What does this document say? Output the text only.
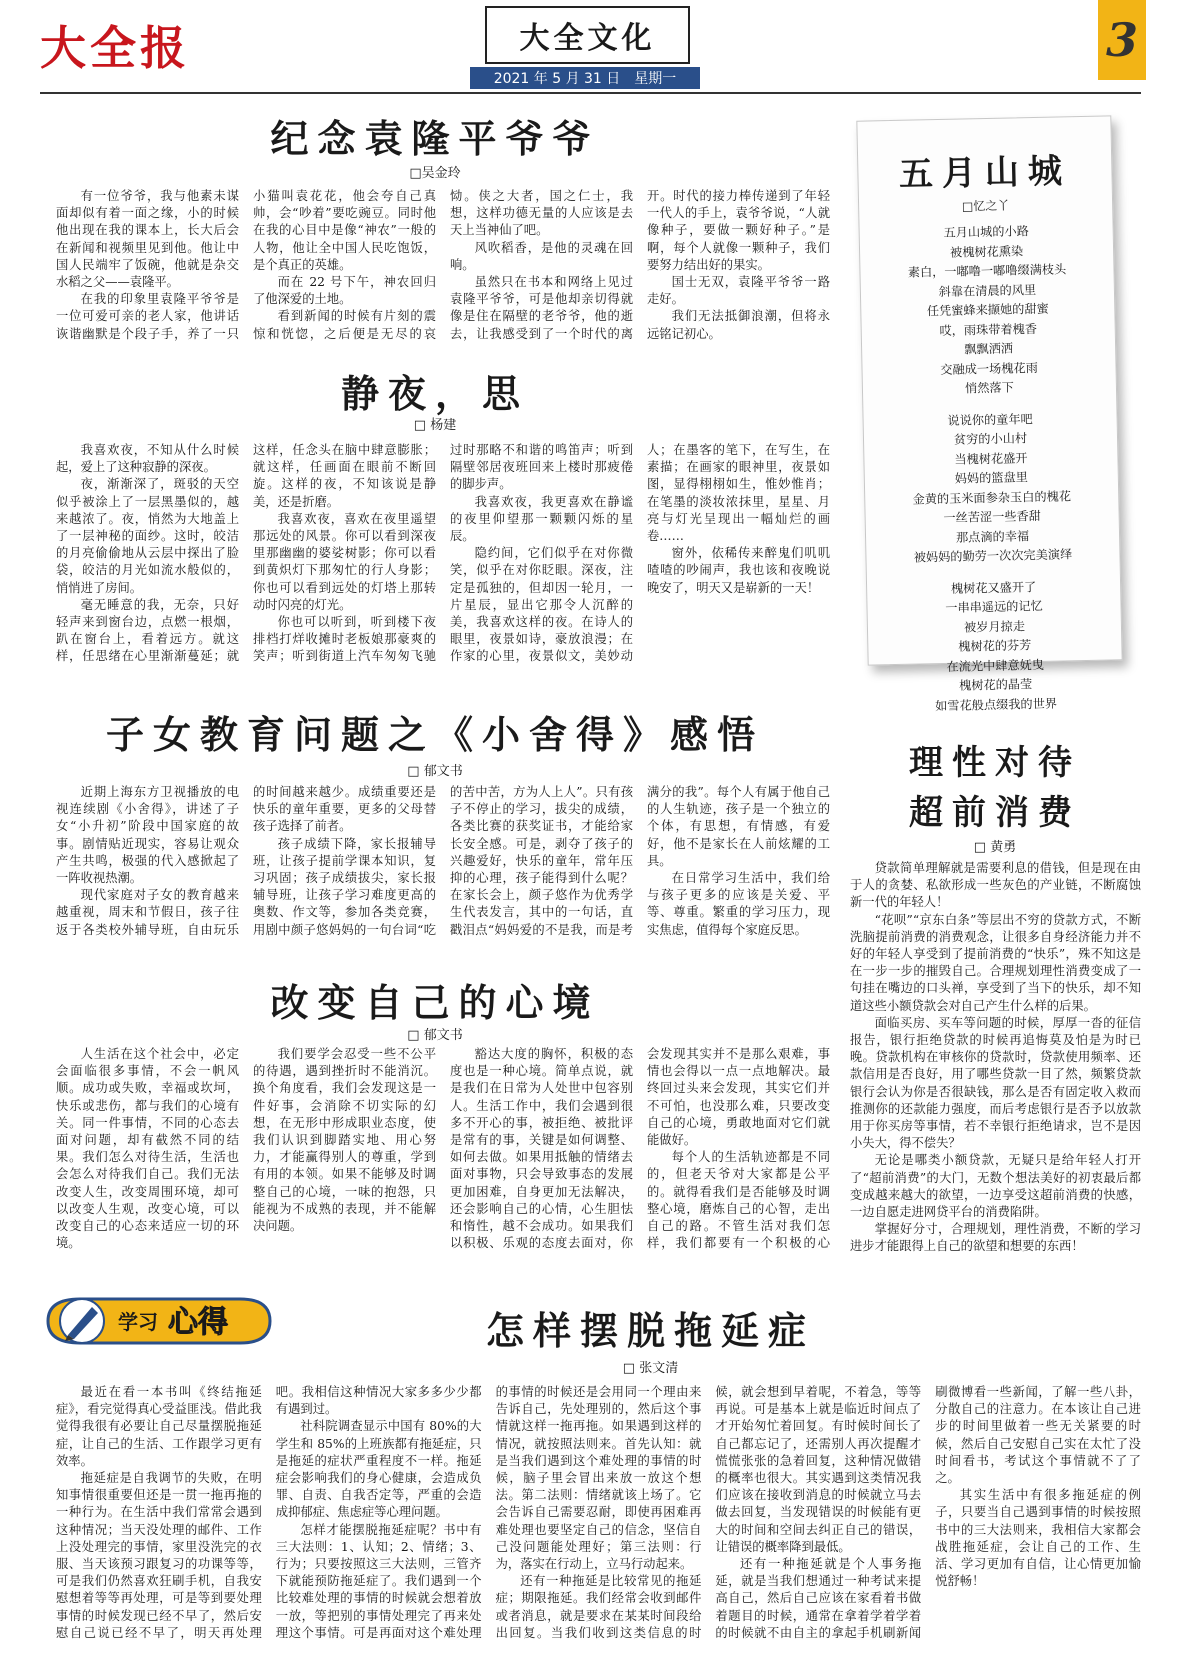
大全报	大全文化
2021 年 5 月 31 日　星期一
3
纪念袁隆平爷爷
□吴金玲

有一位爷爷，我与他素未谋面却似有着一面之缘，小的时候他出现在我的课本上，长大后会在新闻和视频里见到他。他让中国人民端牢了饭碗，他就是杂交水稻之父——袁隆平。

在我的印象里袁隆平爷爷是一位可爱可亲的老人家，他讲话诙谐幽默是个段子手，养了一只小猫叫袁花花，他会夸自己真帅，会“吵着”要吃豌豆。同时他在我的心目中是像“神农”一般的人物，他让全中国人民吃饱饭，是个真正的英雄。

而在 22 号下午，神农回归了他深爱的土地。

看到新闻的时候有片刻的震惊和恍惚，之后便是无尽的哀恸。侠之大者，国之仁士，我想，这样功德无量的人应该是去天上当神仙了吧。

风吹稻香，是他的灵魂在回响。

虽然只在书本和网络上见过袁隆平爷爷，可是他却亲切得就像是住在隔壁的老爷爷，他的逝去，让我感受到了一个时代的离开。时代的接力棒传递到了年轻一代人的手上，袁爷爷说，“人就像种子，要做一颗好种子。”是啊，每个人就像一颗种子，我们要努力结出好的果实。

国士无双，袁隆平爷爷一路走好。

我们无法抵御浪潮，但将永远铭记初心。

静夜，思
□ 杨建

我喜欢夜，不知从什么时候起，爱上了这种寂静的深夜。

夜，渐渐深了，斑驳的天空似乎被涂上了一层黑墨似的，越来越浓了。夜，悄然为大地盖上了一层神秘的面纱。这时，皎洁的月亮偷偷地从云层中探出了脸袋，皎洁的月光如流水般似的，悄悄进了房间。

毫无睡意的我，无奈，只好轻声来到窗台边，点燃一根烟，趴在窗台上，看着远方。就这样，任思绪在心里渐渐蔓延；就这样，任念头在脑中肆意膨胀；就这样，任画面在眼前不断回旋。这样的夜，不知该说是静美，还是折磨。

我喜欢夜，喜欢在夜里遥望那远处的风景。你可以看到深夜里那幽幽的婆娑树影；你可以看到黄炽灯下那匆忙的行人身影；你也可以看到远处的灯塔上那转动时闪亮的灯光。

你也可以听到，听到楼下夜排档打烊收摊时老板娘那豪爽的笑声；听到街道上汽车匆匆飞驰过时那略不和谐的鸣笛声；听到隔壁邻居夜班回来上楼时那疲倦的脚步声。

我喜欢夜，我更喜欢在静谧的夜里仰望那一颗颗闪烁的星辰。

隐约间，它们似乎在对你微笑，似乎在对你眨眼。深夜，注定是孤独的，但却因一轮月，一片星辰，显出它那令人沉醉的美，我喜欢这样的夜。在诗人的眼里，夜景如诗，豪放浪漫；在作家的心里，夜景似文，美妙动人；在墨客的笔下，在写生，在素描；在画家的眼神里，夜景如图，显得栩栩如生，惟妙惟肖；在笔墨的淡妆浓抹里，星星、月亮与灯光呈现出一幅灿烂的画卷……

窗外，依稀传来醉鬼们叽叽喳喳的吵闹声，我也该和夜晚说晚安了，明天又是崭新的一天！

子女教育问题之《小舍得》感悟
□ 郁文书

近期上海东方卫视播放的电视连续剧《小舍得》，讲述了子女“小升初”阶段中国家庭的故事。剧情贴近现实，容易让观众产生共鸣，极强的代入感掀起了一阵收视热潮。

现代家庭对子女的教育越来越重视，周末和节假日，孩子往返于各类校外辅导班，自由玩乐的时间越来越少。成绩重要还是快乐的童年重要，更多的父母替孩子选择了前者。

孩子成绩下降，家长报辅导班，让孩子提前学课本知识，复习巩固；孩子成绩拔尖，家长报辅导班，让孩子学习难度更高的奥数、作文等，参加各类竞赛，用剧中颜子悠妈妈的一句台词“吃的苦中苦，方为人上人”。只有孩子不停止的学习，拔尖的成绩，各类比赛的获奖证书，才能给家长安全感。可是，剥夺了孩子的兴趣爱好，快乐的童年，常年压抑的心理，孩子能得到什么呢？在家长会上，颜子悠作为优秀学生代表发言，其中的一句话，直戳泪点“妈妈爱的不是我，而是考满分的我”。每个人有属于他自己的人生轨迹，孩子是一个独立的个体，有思想，有情感，有爱好，他不是家长在人前炫耀的工具。

在日常学习生活中，我们给与孩子更多的应该是关爱、平等、尊重。繁重的学习压力，现实焦虑，值得每个家庭反思。

改变自己的心境
□ 郁文书

人生活在这个社会中，必定会面临很多事情，不会一帆风顺。成功或失败，幸福或坎坷，快乐或悲伤，都与我们的心境有关。同一件事情，不同的心态去面对问题，却有截然不同的结果。我们怎么对待生活，生活也会怎么对待我们自己。我们无法改变人生，改变周围环境，却可以改变人生观，改变心境，可以改变自己的心态来适应一切的环境。

我们要学会忍受一些不公平的待遇，遇到挫折时不能消沉。换个角度看，我们会发现这是一件好事，会消除不切实际的幻想，在无形中形成职业态度，使我们认识到脚踏实地、用心努力，才能赢得别人的尊重，学到有用的本领。如果不能够及时调整自己的心境，一味的抱怨，只能视为不成熟的表现，并不能解决问题。

豁达大度的胸怀，积极的态度也是一种心境。简单点说，就是我们在日常为人处世中包容别人。生活工作中，我们会遇到很多不开心的事，被拒绝、被批评是常有的事，关键是如何调整、如何去做。如果用抵触的情绪去面对事物，只会导致事态的发展更加困难，自身更加无法解决，还会影响自己的心情，心生胆怯和惰性，越不会成功。如果我们以积极、乐观的态度去面对，你会发现其实并不是那么艰难，事情也会得以一点一点地解决。最终回过头来会发现，其实它们并不可怕，也没那么难，只要改变自己的心境，勇敢地面对它们就能做好。

每个人的生活轨迹都是不同的，但老天爷对大家都是公平的。就得看我们是否能够及时调整心境，磨炼自己的心智，走出自己的路。不管生活对我们怎样，我们都要有一个积极的心

五月山城
□忆之丫
五月山城的小路
被槐树花熏染
素白，一嘟噜一嘟噜缀满枝头
斜靠在清晨的风里
任凭蜜蜂来撷她的甜蜜
哎，雨珠带着槐香
飘飘洒洒
交融成一场槐花雨
悄然落下
说说你的童年吧
贫穷的小山村
当槐树花盛开
妈妈的篮盘里
金黄的玉米面参杂玉白的槐花
一丝苦涩一些香甜
那点滴的幸福
被妈妈的勤劳一次次完美演绎
槐树花又盛开了
一串串遥远的记忆
被岁月掠走
槐树花的芬芳
在流光中肆意妩曳
槐树花的晶莹
如雪花般点缀我的世界
理性对待
超前消费
□ 黄勇

贷款简单理解就是需要利息的借钱，但是现在由于人的贪婪、私欲形成一些灰色的产业链，不断腐蚀新一代的年轻人！

“花呗”“京东白条”等层出不穷的贷款方式，不断洗脑提前消费的消费观念，让很多自身经济能力并不好的年轻人享受到了提前消费的“快乐”，殊不知这是在一步一步的摧毁自己。合理规划理性消费变成了一句挂在嘴边的口头禅，享受到了当下的快乐，却不知道这些小额贷款会对自己产生什么样的后果。

面临买房、买车等问题的时候，厚厚一沓的征信报告，银行拒绝贷款的时候再追悔莫及怕是为时已晚。贷款机构在审核你的贷款时，贷款使用频率、还款信用是否良好，用了哪些贷款一目了然，频繁贷款银行会认为你是否很缺钱，那么是否有固定收入救而推测你的还款能力强度，而后考虑银行是否予以放款用于你买房等事情，若不幸银行拒绝请求，岂不是因小失大，得不偿失？

无论是哪类小额贷款，无疑只是给年轻人打开了“超前消费”的大门，无数个想法美好的初衷最后都变成越来越大的欲望，一边享受这超前消费的快感，一边自愿走进网贷平台的消费陷阱。

掌握好分寸，合理规划，理性消费，不断的学习进步才能跟得上自己的欲望和想要的东西！

学习 心得	怎样摆脱拖延症
□ 张文清

最近在看一本书叫《终结拖延症》，看完觉得真心受益匪浅。借此我觉得我很有必要让自己尽量摆脱拖延症，让自己的生活、工作跟学习更有效率。

拖延症是自我调节的失败，在明知事情很重要但还是一贯一拖再拖的一种行为。在生活中我们常常会遇到这种情况；当天没处理的邮件、工作上没处理完的事情，家里没洗完的衣服、当天该预习跟复习的功课等等，可是我们仍然喜欢狂刷手机，自我安慰想着等等再处理，可是等到要处理事情的时候发现已经不早了，然后安慰自己说已经不早了，明天再处理吧。我相信这种情况大家多多少少都有遇到过。

社科院调查显示中国有 80%的大学生和 85%的上班族都有拖延症，只是拖延的症状严重程度不一样。拖延症会影响我们的身心健康，会造成负罪、自责、自我否定等，严重的会造成抑郁症、焦虑症等心理问题。

怎样才能摆脱拖延症呢？书中有三大法则：1、认知；2、情绪；3、行为；只要按照这三大法则，三管齐下就能预防拖延症了。我们遇到一个比较难处理的事情的时候就会想着放一放，等把别的事情处理完了再来处理这个事情。可是再面对这个难处理的事情的时候还是会用同一个理由来告诉自己，先处理别的，然后这个事情就这样一拖再拖。如果遇到这样的情况，就按照法则来。首先认知：就是当我们遇到这个难处理的事情的时候，脑子里会冒出来放一放这个想法。第二法则：情绪就该上场了。它会告诉自己需要忍耐，即使再困难再难处理也要坚定自己的信念，坚信自己没问题能处理好；第三法则：行为，落实在行动上，立马行动起来。

还有一种拖延是比较常见的拖延症；期限拖延。我们经常会收到邮件或者消息，就是要求在某某时间段给出回复。当我们收到这类信息的时候，就会想到早着呢，不着急，等等再说。可是基本上就是临近时间点了才开始匆忙着回复。有时候时间长了自己都忘记了，还需别人再次提醒才慌慌张张的急着回复，这种情况做错的概率也很大。其实遇到这类情况我们应该在接收到消息的时候就立马去做去回复，当发现错误的时候能有更大的时间和空间去纠正自己的错误，让错误的概率降到最低。

还有一种拖延就是个人事务拖延，就是当我们想通过一种考试来提高自己，然后自己应该在家看着书做着题目的时候，通常在拿着学着学着的时候就不由自主的拿起手机刷新闻刷微博看一些新闻，了解一些八卦，分散自己的注意力。在本该让自己进步的时间里做着一些无关紧要的时候，然后自己安慰自己实在太忙了没时间看书，考试这个事情就不了了之。

其实生活中有很多拖延症的例子，只要当自己遇到事情的时候按照书中的三大法则来，我相信大家都会战胜拖延症，会让自己的工作、生活、学习更加有自信，让心情更加愉悦舒畅！
